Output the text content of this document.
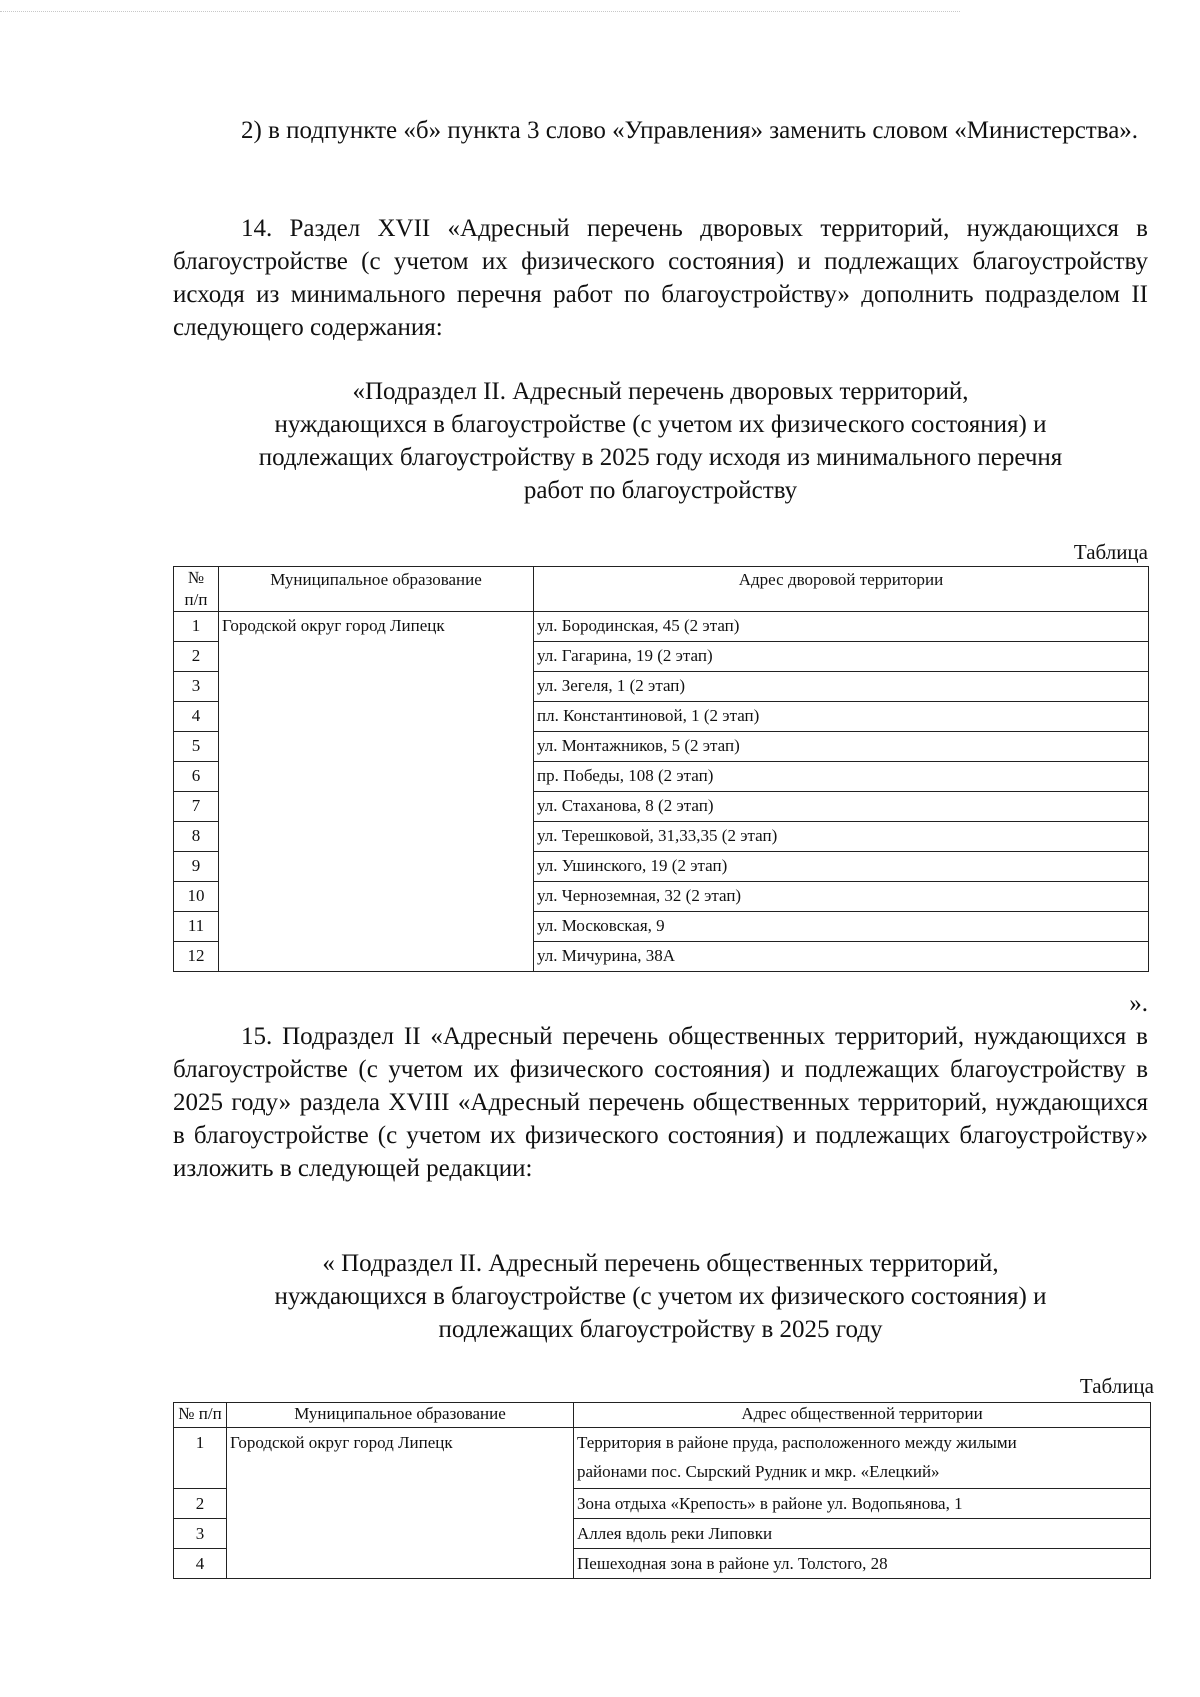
2) в подпункте «б» пункта 3 слово «Управления» заменить словом «Министерства».

14. Раздел XVII «Адресный перечень дворовых территорий, нуждающихся в благоустройстве (с учетом их физического состояния) и подлежащих благоустройству исходя из минимального перечня работ по благоустройству» дополнить подразделом II следующего содержания:

«Подраздел II. Адресный перечень дворовых территорий,
нуждающихся в благоустройстве (с учетом их физического состояния) и
подлежащих благоустройству в 2025 году исходя из минимального перечня
работ по благоустройству
Таблица
№
п/п	Муниципальное образование	Адрес дворовой территории
1	Городской округ город Липецк	ул. Бородинская, 45 (2 этап)
2		ул. Гагарина, 19 (2 этап)
3		ул. Зегеля, 1 (2 этап)
4		пл. Константиновой, 1 (2 этап)
5		ул. Монтажников, 5 (2 этап)
6		пр. Победы, 108 (2 этап)
7		ул. Стаханова, 8 (2 этап)
8		ул. Терешковой, 31,33,35 (2 этап)
9		ул. Ушинского, 19 (2 этап)
10		ул. Черноземная, 32 (2 этап)
11		ул. Московская, 9
12		ул. Мичурина, 38А
».

15. Подраздел II «Адресный перечень общественных территорий, нуждающихся в благоустройстве (с учетом их физического состояния) и подлежащих благоустройству в 2025 году» раздела XVIII «Адресный перечень общественных территорий, нуждающихся в благоустройстве (с учетом их физического состояния) и подлежащих благоустройству» изложить в следующей редакции:

« Подраздел II. Адресный перечень общественных территорий,
нуждающихся в благоустройстве (с учетом их физического состояния) и
подлежащих благоустройству в 2025 году
Таблица
№ п/п	Муниципальное образование	Адрес общественной территории
1	Городской округ город Липецк	Территория в районе пруда, расположенного между жилыми
районами пос. Сырский Рудник и мкр. «Елецкий»

2		Зона отдыха «Крепость» в районе ул. Водопьянова, 1

3		Аллея вдоль реки Липовки

4		Пешеходная зона в районе ул. Толстого, 28
